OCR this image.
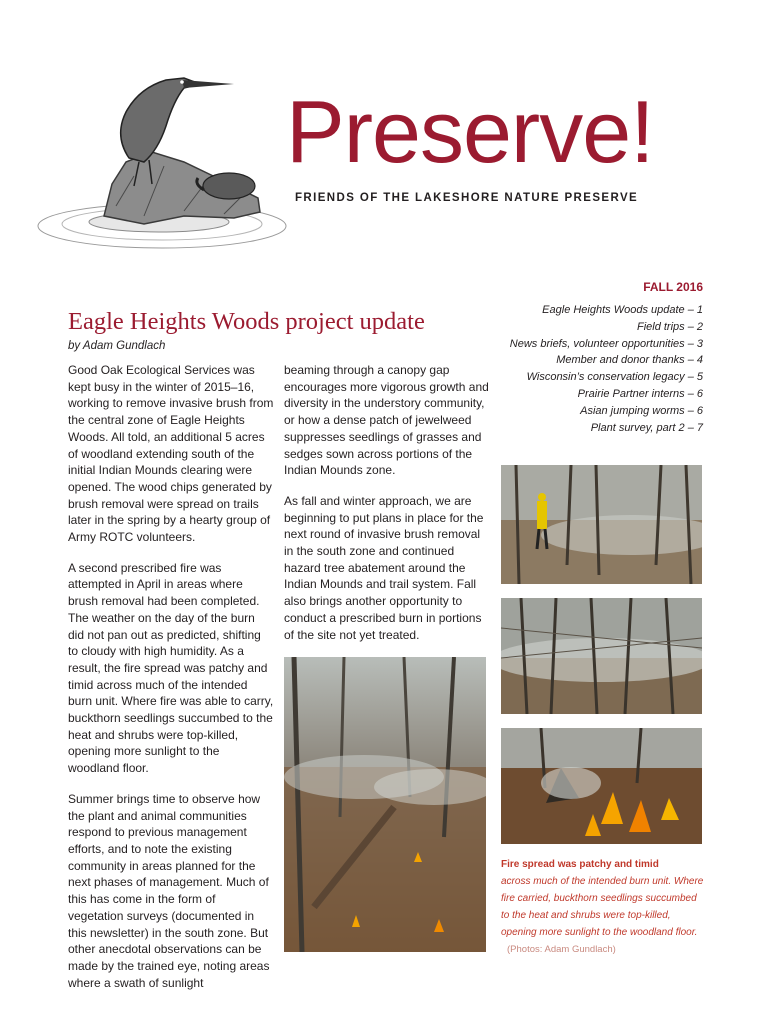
Preserve!
FRIENDS OF THE LAKESHORE NATURE PRESERVE
FALL 2016
Eagle Heights Woods update – 1
Field trips – 2
News briefs, volunteer opportunities – 3
Member and donor thanks – 4
Wisconsin’s conservation legacy – 5
Prairie Partner interns – 6
Asian jumping worms – 6
Plant survey, part 2 – 7
Eagle Heights Woods project update
by Adam Gundlach

Good Oak Ecological Services was kept busy in the winter of 2015–16, working to remove invasive brush from the central zone of Eagle Heights Woods. All told, an additional 5 acres of woodland extending south of the initial Indian Mounds clearing were opened. The wood chips generated by brush removal were spread on trails later in the spring by a hearty group of Army ROTC volunteers.

A second prescribed fire was attempted in April in areas where brush removal had been completed. The weather on the day of the burn did not pan out as predicted, shifting to cloudy with high humidity. As a result, the fire spread was patchy and timid across much of the intended burn unit. Where fire was able to carry, buckthorn seedlings succumbed to the heat and shrubs were top-killed, opening more sunlight to the woodland floor.

Summer brings time to observe how the plant and animal communities respond to previous management efforts, and to note the existing community in areas planned for the next phases of management. Much of this has come in the form of vegetation surveys (documented in this newsletter) in the south zone. But other anecdotal observations can be made by the trained eye, noting areas where a swath of sunlight

beaming through a canopy gap encourages more vigorous growth and diversity in the understory community, or how a dense patch of jewelweed suppresses seedlings of grasses and sedges sown across portions of the Indian Mounds zone.

As fall and winter approach, we are beginning to put plans in place for the next round of invasive brush removal in the south zone and continued hazard tree abatement around the Indian Mounds and trail system. Fall also brings another opportunity to conduct a prescribed burn in portions of the site not yet treated.

Fire spread was patchy and timid
across much of the intended burn unit. Where fire carried, buckthorn seedlings succumbed to the heat and shrubs were top-killed, opening more sunlight to the woodland floor. (Photos: Adam Gundlach)
